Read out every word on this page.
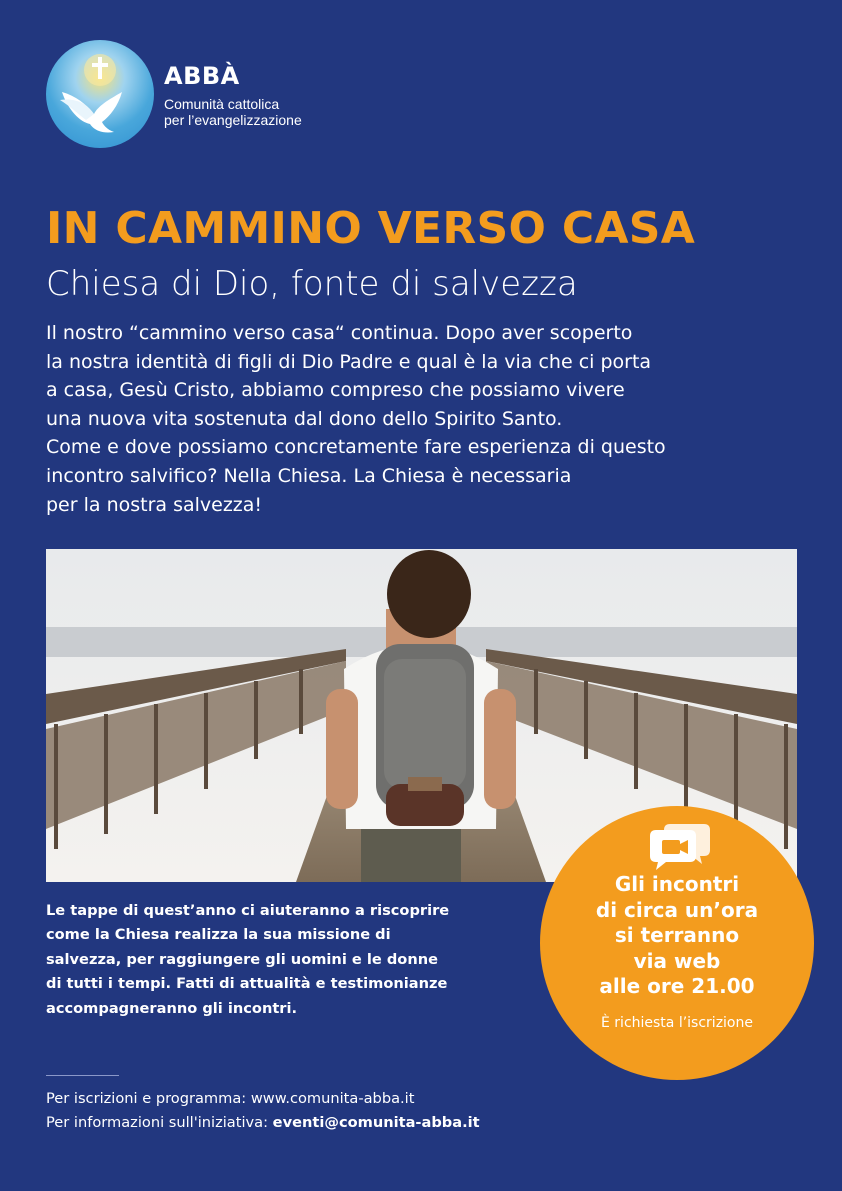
ABBÀ
Comunità cattolica
per l’evangelizzazione
IN CAMMINO VERSO CASA
Chiesa di Dio, fonte di salvezza
Il nostro “cammino verso casa“ continua. Dopo aver scoperto
la nostra identità di figli di Dio Padre e qual è la via che ci porta
a casa, Gesù Cristo, abbiamo compreso che possiamo vivere
una nuova vita sostenuta dal dono dello Spirito Santo.
Come e dove possiamo concretamente fare esperienza di questo
incontro salvifico? Nella Chiesa. La Chiesa è necessaria
per la nostra salvezza!
Le tappe di quest’anno ci aiuteranno a riscoprire
come la Chiesa realizza la sua missione di
salvezza, per raggiungere gli uomini e le donne
di tutti i tempi. Fatti di attualità e testimonianze
accompagneranno gli incontri.
Gli incontri
di circa un’ora
si terranno
via web
alle ore 21.00
È richiesta l’iscrizione
Per iscrizioni e programma: www.comunita-abba.it
Per informazioni sull'iniziativa: eventi@comunita-abba.it
